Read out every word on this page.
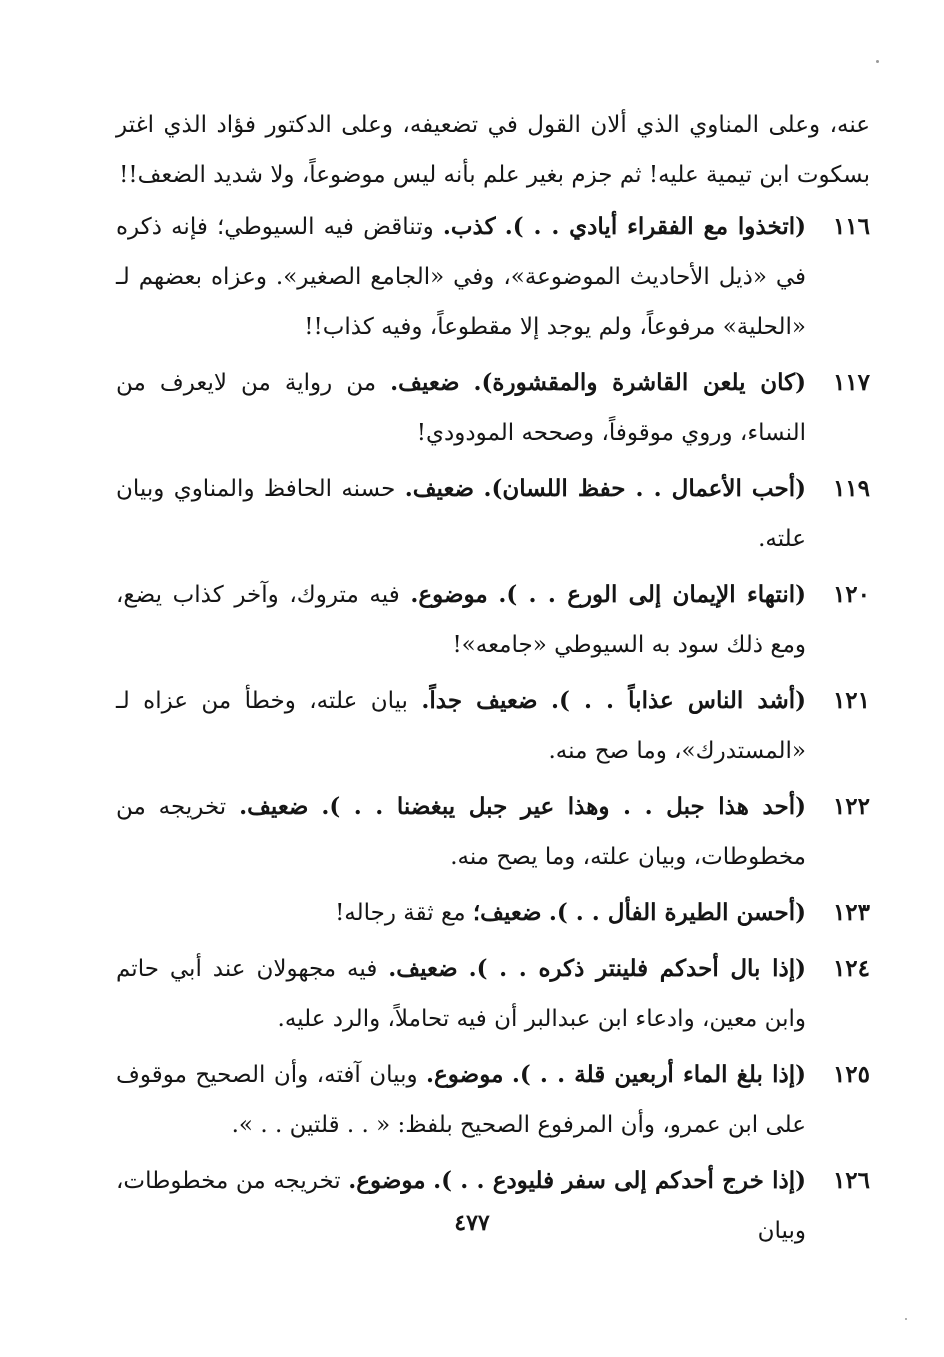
عنه، وعلى المناوي الذي ألان القول في تضعيفه، وعلى الدكتور فؤاد الذي اغتر بسكوت ابن تيمية عليه! ثم جزم بغير علم بأنه ليس موضوعاً، ولا شديد الضعف!!

١١٦
(اتخذوا مع الفقراء أيادي . . ). كذب. وتناقض فيه السيوطي؛ فإنه ذكره في «ذيل الأحاديث الموضوعة»، وفي «الجامع الصغير». وعزاه بعضهم لـ «الحلية» مرفوعاً، ولم يوجد إلا مقطوعاً، وفيه كذاب!!
١١٧
(كان يلعن القاشرة والمقشورة). ضعيف. من رواية من لايعرف من النساء، وروي موقوفاً، وصححه المودودي!
١١٩
(أحب الأعمال . . حفظ اللسان). ضعيف. حسنه الحافظ والمناوي وبيان علته.
١٢٠
(انتهاء الإيمان إلى الورع . . ). موضوع. فيه متروك، وآخر كذاب يضع، ومع ذلك سود به السيوطي «جامعه»!
١٢١
(أشد الناس عذاباً . . ). ضعيف جداً. بيان علته، وخطأ من عزاه لـ «المستدرك»، وما صح منه.
١٢٢
(أحد هذا جبل . . وهذا عير جبل يبغضنا . . ). ضعيف. تخريجه من مخطوطات، وبيان علته، وما يصح منه.
١٢٣
(أحسن الطيرة الفأل . . ). ضعيف؛ مع ثقة رجاله!
١٢٤
(إذا بال أحدكم فلينتر ذكره . . ). ضعيف. فيه مجهولان عند أبي حاتم وابن معين، وادعاء ابن عبدالبر أن فيه تحاملاً، والرد عليه.
١٢٥
(إذا بلغ الماء أربعين قلة . . ). موضوع. وبيان آفته، وأن الصحيح موقوف على ابن عمرو، وأن المرفوع الصحيح بلفظ: « . . قلتين . . ».
١٢٦
(إذا خرج أحدكم إلى سفر فليودع . . ). موضوع. تخريجه من مخطوطات، وبيان
٤٧٧
